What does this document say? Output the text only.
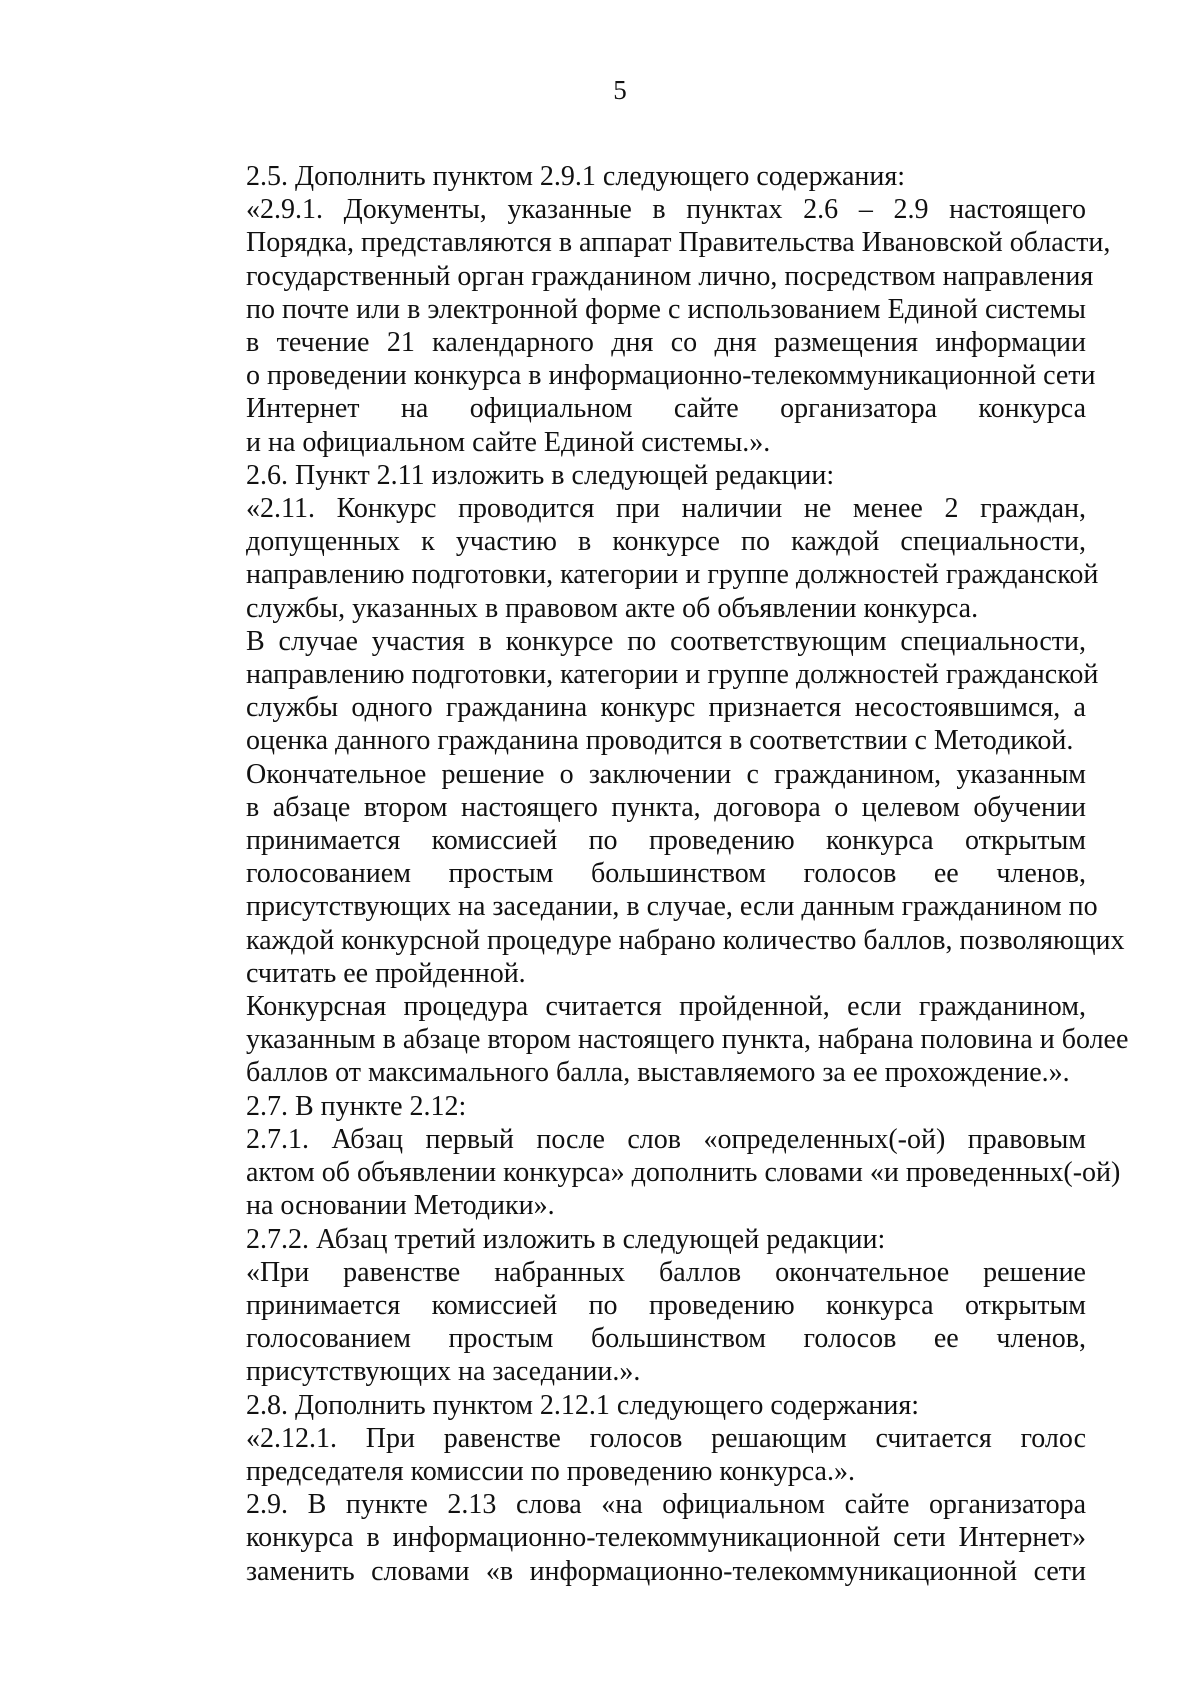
5

2.5. Дополнить пунктом 2.9.1 следующего содержания:

«2.9.1. Документы, указанные в пунктах 2.6 – 2.9 настоящего
Порядка, представляются в аппарат Правительства Ивановской области,
государственный орган гражданином лично, посредством направления
по почте или в электронной форме с использованием Единой системы
в течение 21 календарного дня со дня размещения информации
о проведении конкурса в информационно-телекоммуникационной сети
Интернет на официальном сайте организатора конкурса
и на официальном сайте Единой системы.».

2.6. Пункт 2.11 изложить в следующей редакции:

«2.11. Конкурс проводится при наличии не менее 2 граждан,
допущенных к участию в конкурсе по каждой специальности,
направлению подготовки, категории и группе должностей гражданской
службы, указанных в правовом акте об объявлении конкурса.

В случае участия в конкурсе по соответствующим специальности,
направлению подготовки, категории и группе должностей гражданской
службы одного гражданина конкурс признается несостоявшимся, а
оценка данного гражданина проводится в соответствии с Методикой.

Окончательное решение о заключении с гражданином, указанным
в абзаце втором настоящего пункта, договора о целевом обучении
принимается комиссией по проведению конкурса открытым
голосованием простым большинством голосов ее членов,
присутствующих на заседании, в случае, если данным гражданином по
каждой конкурсной процедуре набрано количество баллов, позволяющих
считать ее пройденной.

Конкурсная процедура считается пройденной, если гражданином,
указанным в абзаце втором настоящего пункта, набрана половина и более
баллов от максимального балла, выставляемого за ее прохождение.».

2.7. В пункте 2.12:

2.7.1. Абзац первый после слов «определенных(-ой) правовым
актом об объявлении конкурса» дополнить словами «и проведенных(-ой)
на основании Методики».

2.7.2. Абзац третий изложить в следующей редакции:

«При равенстве набранных баллов окончательное решение
принимается комиссией по проведению конкурса открытым
голосованием простым большинством голосов ее членов,
присутствующих на заседании.».

2.8. Дополнить пунктом 2.12.1 следующего содержания:

«2.12.1. При равенстве голосов решающим считается голос
председателя комиссии по проведению конкурса.».

2.9. В пункте 2.13 слова «на официальном сайте организатора
конкурса в информационно-телекоммуникационной сети Интернет»
заменить словами «в информационно-телекоммуникационной сети
